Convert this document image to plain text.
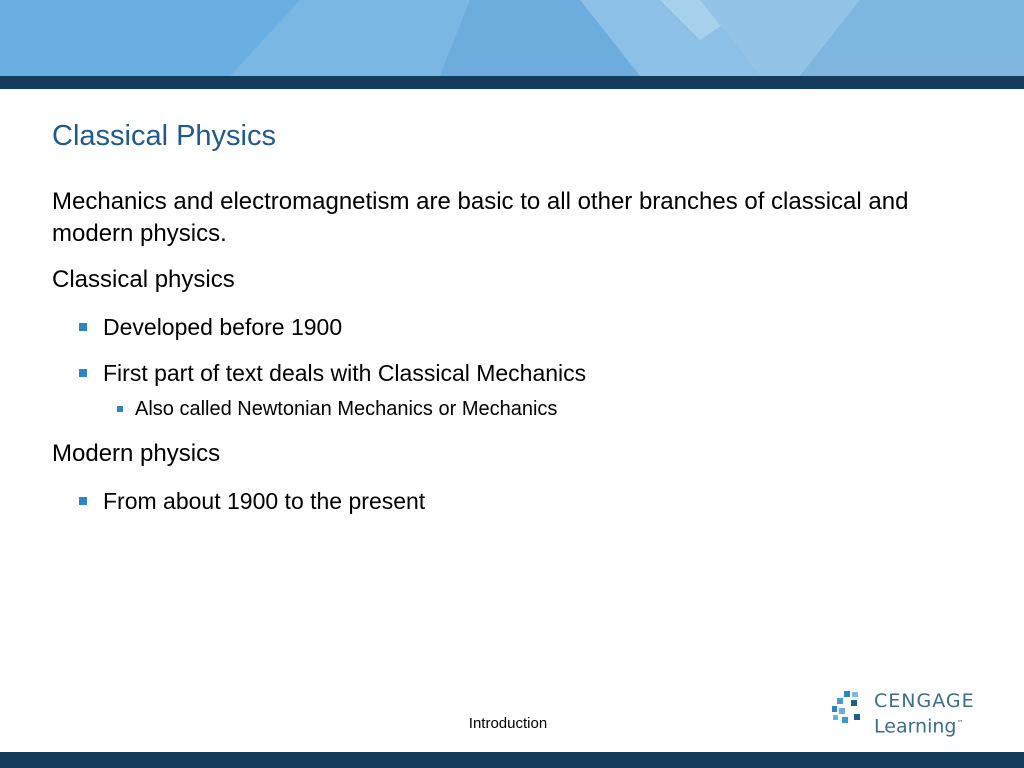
Classical Physics

Mechanics and electromagnetism are basic to all other branches of classical and modern physics.

Classical physics

Developed before 1900
First part of text deals with Classical Mechanics
Also called Newtonian Mechanics or Mechanics

Modern physics

From about 1900 to the present
Introduction
CENGAGE
Learning™
